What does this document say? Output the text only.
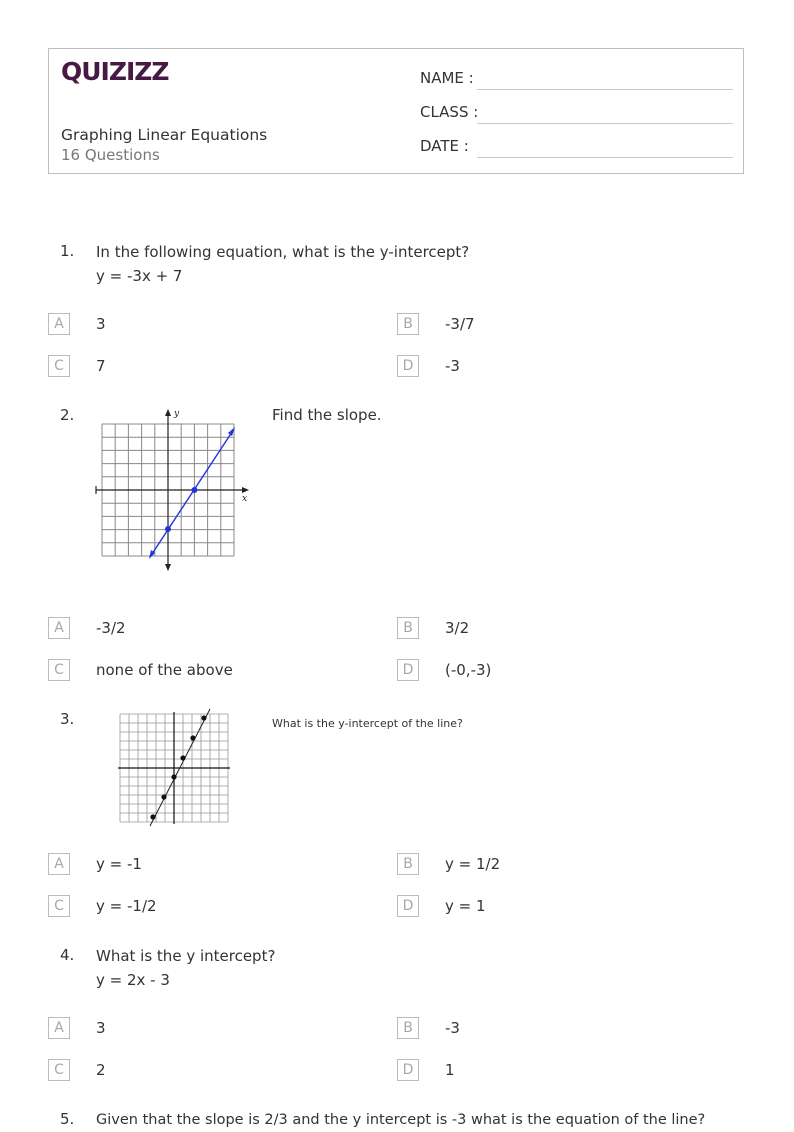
QUIZIZZ
Graphing Linear Equations
16 Questions
NAME :
CLASS :
DATE :
1. In the following equation, what is the y-intercept?
y = -3x + 7
A	3	B	-3/7
C	7	D	-3
2.	y
x
Find the slope.
A	-3/2	B	3/2
C	none of the above	D	(-0,-3)
3.	What is the y-intercept of the line?
A	y = -1	B	y = 1/2
C	y = -1/2	D	y = 1
4. What is the y intercept?
y = 2x - 3
A	3	B	-3
C	2	D	1
5. Given that the slope is 2/3 and the y intercept is -3 what is the equation of the line?
